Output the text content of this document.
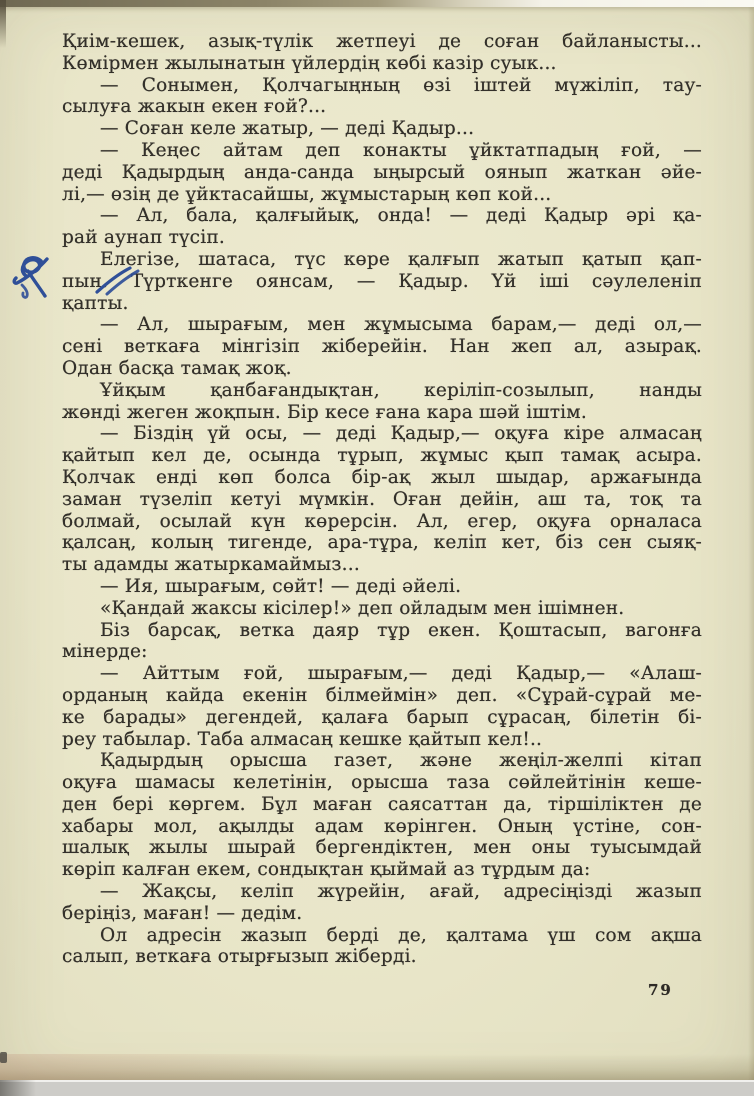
Қиім-кешек, азық-түлік жетпеуі де соған байланысты...
Көмірмен жылынатын үйлердің көбі казір суык...
— Сонымен, Қолчагыңның өзі іштей мүжіліп, тау-
сылуға жакын екен ғой?...
— Соған келе жатыр, — деді Қадыр...
— Кеңес айтам деп конакты ұйктатпадың ғой, —
деді Қадырдың анда-санда ыңырсый оянып жаткан әйе-
лі,— өзің де ұйктасайшы, жұмыстарың көп кой...
— Ал, бала, қалғыйық, онда! — деді Қадыр әрі қа-
рай аунап түсіп.
Елегізе, шатаса, түс көре қалғып жатып қатып қап-
пын. Түрткенге оянсам, — Қадыр. Үй іші сәулеленіп
қапты.
— Ал, шырағым, мен жұмысыма барам,— деді ол,—
сені веткаға мінгізіп жіберейін. Нан жеп ал, азырақ.
Одан басқа тамақ жоқ.
Ұйқым қанбағандықтан, керіліп-созылып, нанды
жөнді жеген жоқпын. Бір кесе ғана кара шәй іштім.
— Біздің үй осы, — деді Қадыр,— оқуға кіре алмасаң
қайтып кел де, осында тұрып, жұмыс қып тамақ асыра.
Қолчак енді көп болса бір-ақ жыл шыдар, аржағында
заман түзеліп кетуі мүмкін. Оған дейін, аш та, тоқ та
болмай, осылай күн көрерсін. Ал, егер, оқуға орналаса
қалсаң, колың тигенде, ара-тұра, келіп кет, біз сен сыяқ-
ты адамды жатыркамаймыз...
— Ия, шырағым, сөйт! — деді әйелі.
«Қандай жаксы кісілер!» деп ойладым мен ішімнен.
Біз барсақ, ветка даяр тұр екен. Қоштасып, вагонға
мінерде:
— Айттым ғой, шырағым,— деді Қадыр,— «Алаш-
орданың кайда екенін білмеймін» деп. «Сұрай-сұрай ме-
ке барады» дегендей, қалаға барып сұрасаң, білетін бі-
реу табылар. Таба алмасаң кешке қайтып кел!..
Қадырдың орысша газет, және жеңіл-желпі кітап
оқуға шамасы келетінін, орысша таза сөйлейтінін кеше-
ден бері көргем. Бұл маған саясаттан да, тіршіліктен де
хабары мол, ақылды адам көрінген. Оның үстіне, сон-
шалық жылы шырай бергендіктен, мен оны туысымдай
көріп калған екем, сондықтан қыймай аз тұрдым да:
— Жақсы, келіп жүрейін, ағай, адресіңізді жазып
беріңіз, маған! — дедім.
Ол адресін жазып берді де, қалтама үш сом ақша
салып, веткаға отырғызып жіберді.
79
